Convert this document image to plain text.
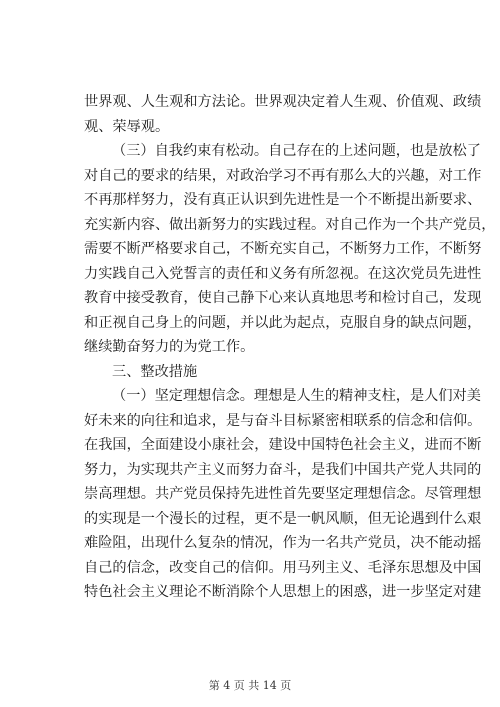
世界观、人生观和方法论。世界观决定着人生观、价值观、政绩
观、荣辱观。
（三）自我约束有松动。自己存在的上述问题，也是放松了
对自己的要求的结果，对政治学习不再有那么大的兴趣，对工作
不再那样努力，没有真正认识到先进性是一个不断提出新要求、
充实新内容、做出新努力的实践过程。对自己作为一个共产党员，
需要不断严格要求自己，不断充实自己，不断努力工作，不断努
力实践自己入党誓言的责任和义务有所忽视。在这次党员先进性
教育中接受教育，使自己静下心来认真地思考和检讨自己，发现
和正视自己身上的问题，并以此为起点，克服自身的缺点问题，
继续勤奋努力的为党工作。
三、整改措施
（一）坚定理想信念。理想是人生的精神支柱，是人们对美
好未来的向往和追求，是与奋斗目标紧密相联系的信念和信仰。
在我国，全面建设小康社会，建设中国特色社会主义，进而不断
努力，为实现共产主义而努力奋斗，是我们中国共产党人共同的
崇高理想。共产党员保持先进性首先要坚定理想信念。尽管理想
的实现是一个漫长的过程，更不是一帆风顺，但无论遇到什么艰
难险阻，出现什么复杂的情况，作为一名共产党员，决不能动摇
自己的信念，改变自己的信仰。用马列主义、毛泽东思想及中国
特色社会主义理论不断消除个人思想上的困惑，进一步坚定对建
第 4 页 共 14 页
